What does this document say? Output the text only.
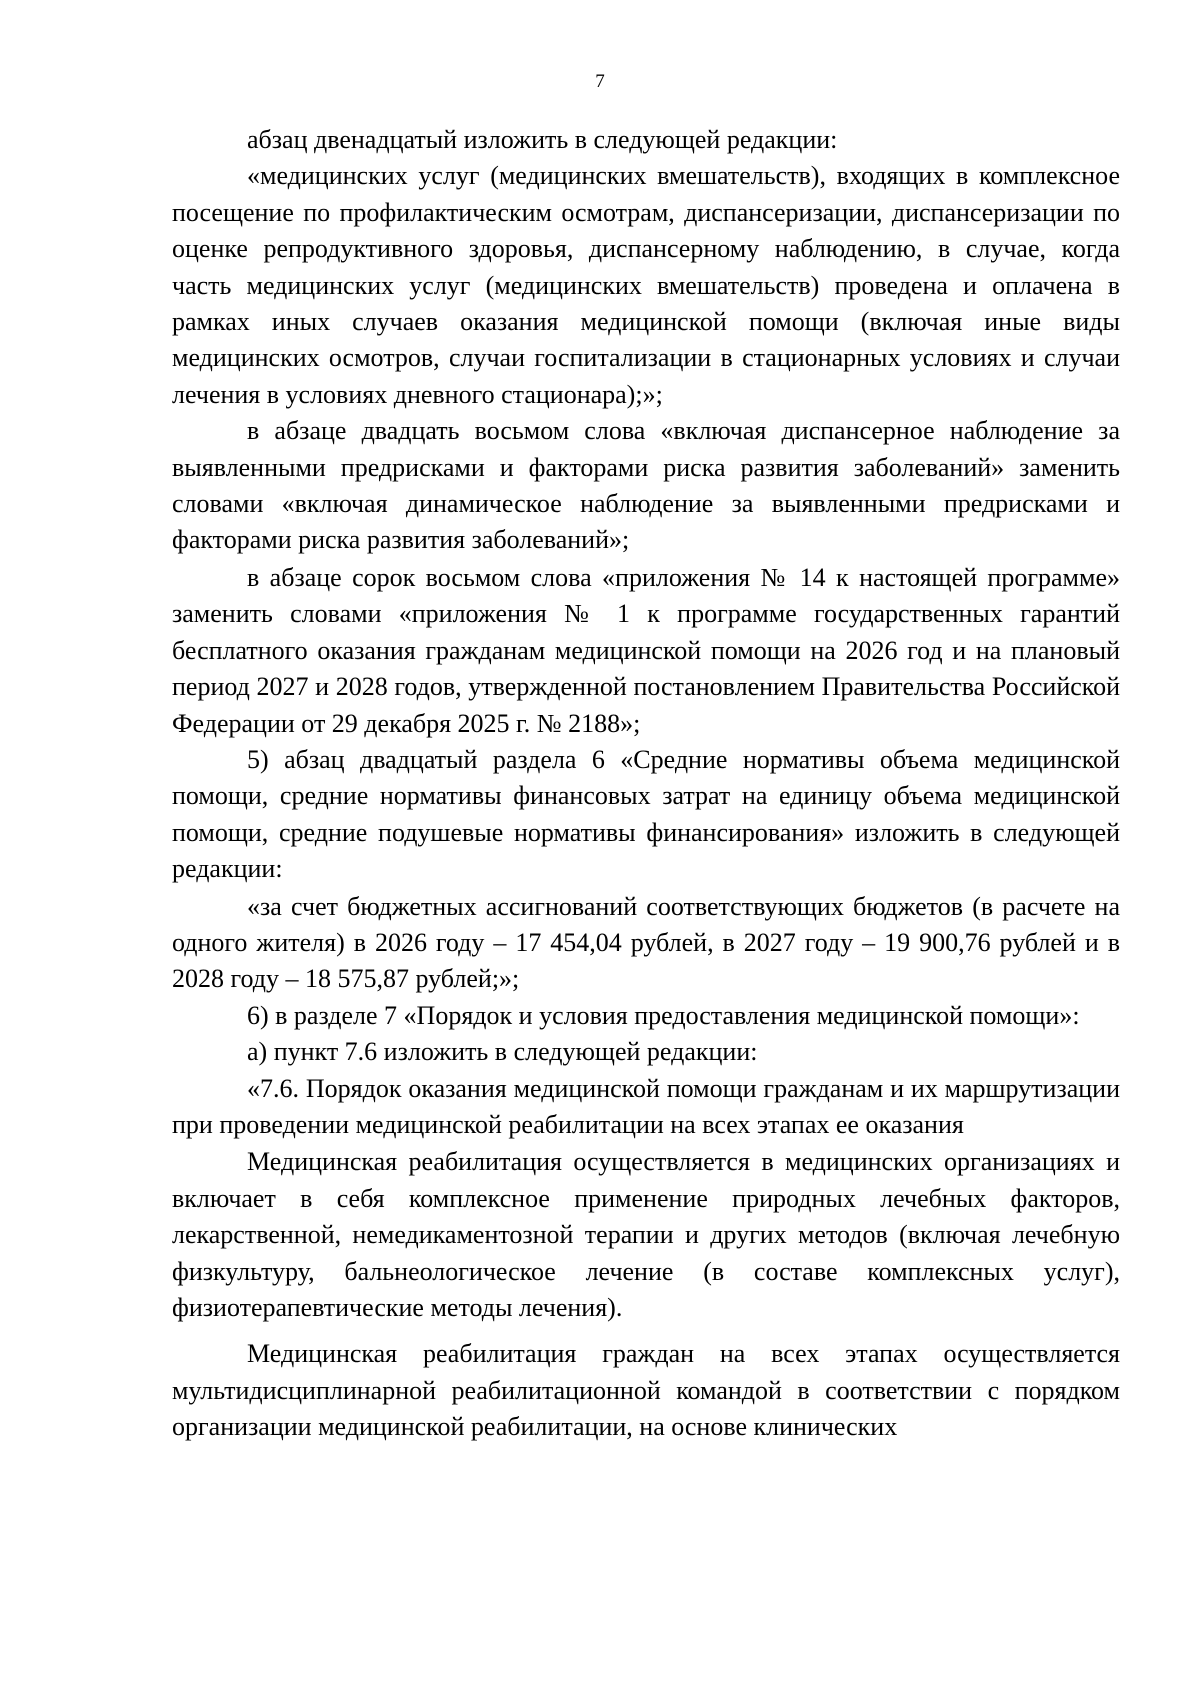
7

абзац двенадцатый изложить в следующей редакции:

«медицинских услуг (медицинских вмешательств), входящих в комплексное посещение по профилактическим осмотрам, диспансеризации, диспансеризации по оценке репродуктивного здоровья, диспансерному наблюдению, в случае, когда часть медицинских услуг (медицинских вмешательств) проведена и оплачена в рамках иных случаев оказания медицинской помощи (включая иные виды медицинских осмотров, случаи госпитализации в стационарных условиях и случаи лечения в условиях дневного стационара);»;

в абзаце двадцать восьмом слова «включая диспансерное наблюдение за выявленными предрисками и факторами риска развития заболеваний» заменить словами «включая динамическое наблюдение за выявленными предрисками и факторами риска развития заболеваний»;

в абзаце сорок восьмом слова «приложения № 14 к настоящей программе» заменить словами «приложения № 1 к программе государственных гарантий бесплатного оказания гражданам медицинской помощи на 2026 год и на плановый период 2027 и 2028 годов, утвержденной постановлением Правительства Российской Федерации от 29 декабря 2025 г. № 2188»;

5) абзац двадцатый раздела 6 «Средние нормативы объема медицинской помощи, средние нормативы финансовых затрат на единицу объема медицинской помощи, средние подушевые нормативы финансирования» изложить в следующей редакции:

«за счет бюджетных ассигнований соответствующих бюджетов (в расчете на одного жителя) в 2026 году – 17 454,04 рублей, в 2027 году – 19 900,76 рублей и в 2028 году – 18 575,87 рублей;»;

6) в разделе 7 «Порядок и условия предоставления медицинской помощи»:

а) пункт 7.6 изложить в следующей редакции:

«7.6. Порядок оказания медицинской помощи гражданам и их маршрутизации при проведении медицинской реабилитации на всех этапах ее оказания

Медицинская реабилитация осуществляется в медицинских организациях и включает в себя комплексное применение природных лечебных факторов, лекарственной, немедикаментозной терапии и других методов (включая лечебную физкультуру, бальнеологическое лечение (в составе комплексных услуг), физиотерапевтические методы лечения).

Медицинская реабилитация граждан на всех этапах осуществляется мультидисциплинарной реабилитационной командой в соответствии с порядком организации медицинской реабилитации, на основе клинических
